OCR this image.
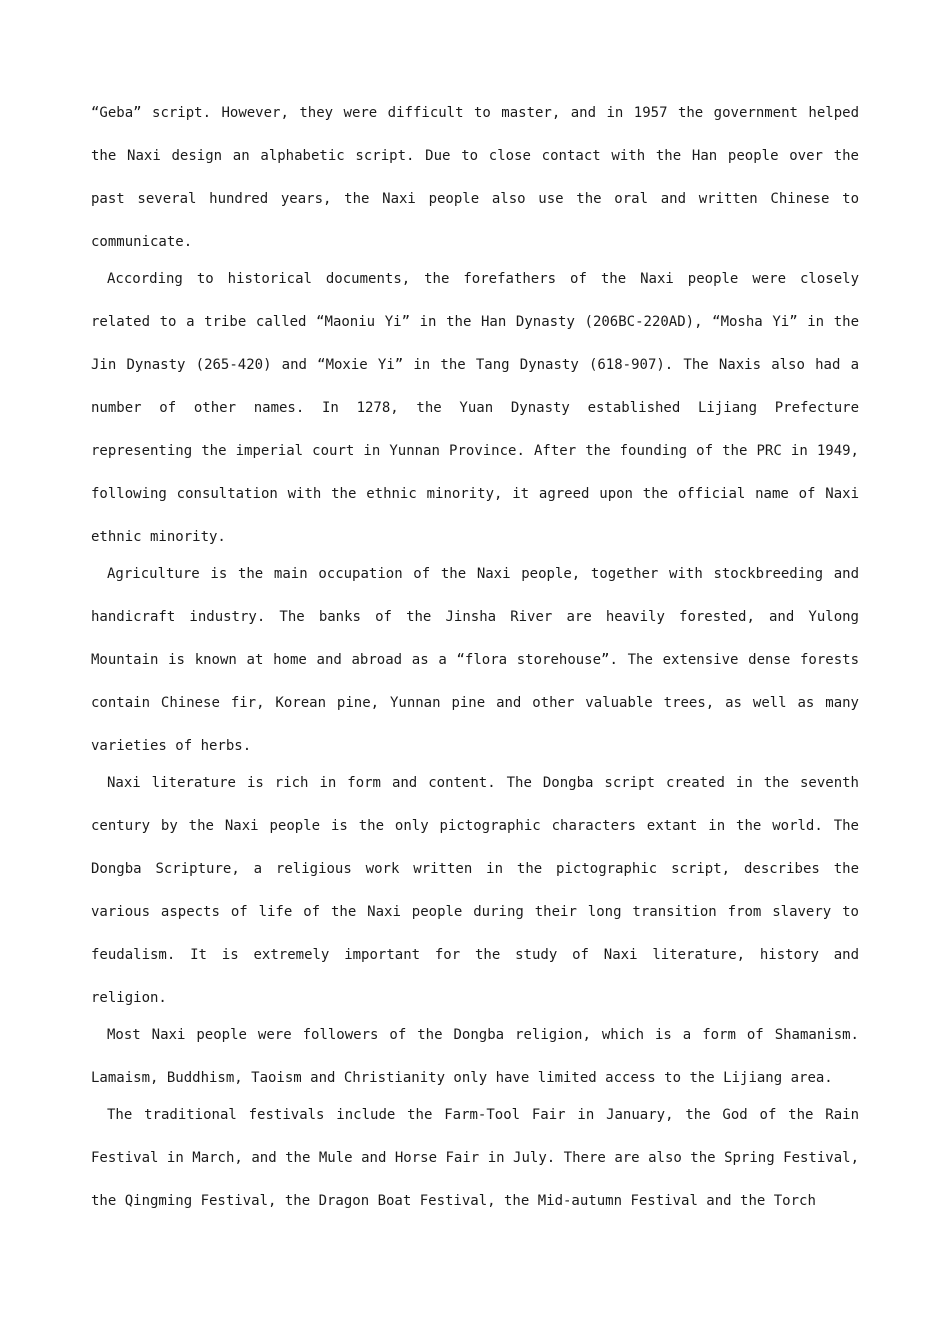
“Geba” script. However, they were difficult to master, and in 1957 the government helped the Naxi design an alphabetic script. Due to close contact with the Han people over the past several hundred years, the Naxi people also use the oral and written Chinese to communicate.

According to historical documents, the forefathers of the Naxi people were closely related to a tribe called “Maoniu Yi” in the Han Dynasty (206BC-220AD), “Mosha Yi” in the Jin Dynasty (265-420) and “Moxie Yi” in the Tang Dynasty (618-907). The Naxis also had a number of other names. In 1278, the Yuan Dynasty established Lijiang Prefecture representing the imperial court in Yunnan Province. After the founding of the PRC in 1949, following consultation with the ethnic minority, it agreed upon the official name of Naxi ethnic minority.

Agriculture is the main occupation of the Naxi people, together with stockbreeding and handicraft industry. The banks of the Jinsha River are heavily forested, and Yulong Mountain is known at home and abroad as a “flora storehouse”. The extensive dense forests contain Chinese fir, Korean pine, Yunnan pine and other valuable trees, as well as many varieties of herbs.

Naxi literature is rich in form and content. The Dongba script created in the seventh century by the Naxi people is the only pictographic characters extant in the world. The Dongba Scripture, a religious work written in the pictographic script, describes the various aspects of life of the Naxi people during their long transition from slavery to feudalism. It is extremely important for the study of Naxi literature, history and religion.

Most Naxi people were followers of the Dongba religion, which is a form of Shamanism. Lamaism, Buddhism, Taoism and Christianity only have limited access to the Lijiang area.

The traditional festivals include the Farm-Tool Fair in January, the God of the Rain Festival in March, and the Mule and Horse Fair in July. There are also the Spring Festival, the Qingming Festival, the Dragon Boat Festival, the Mid-autumn Festival and the Torch
